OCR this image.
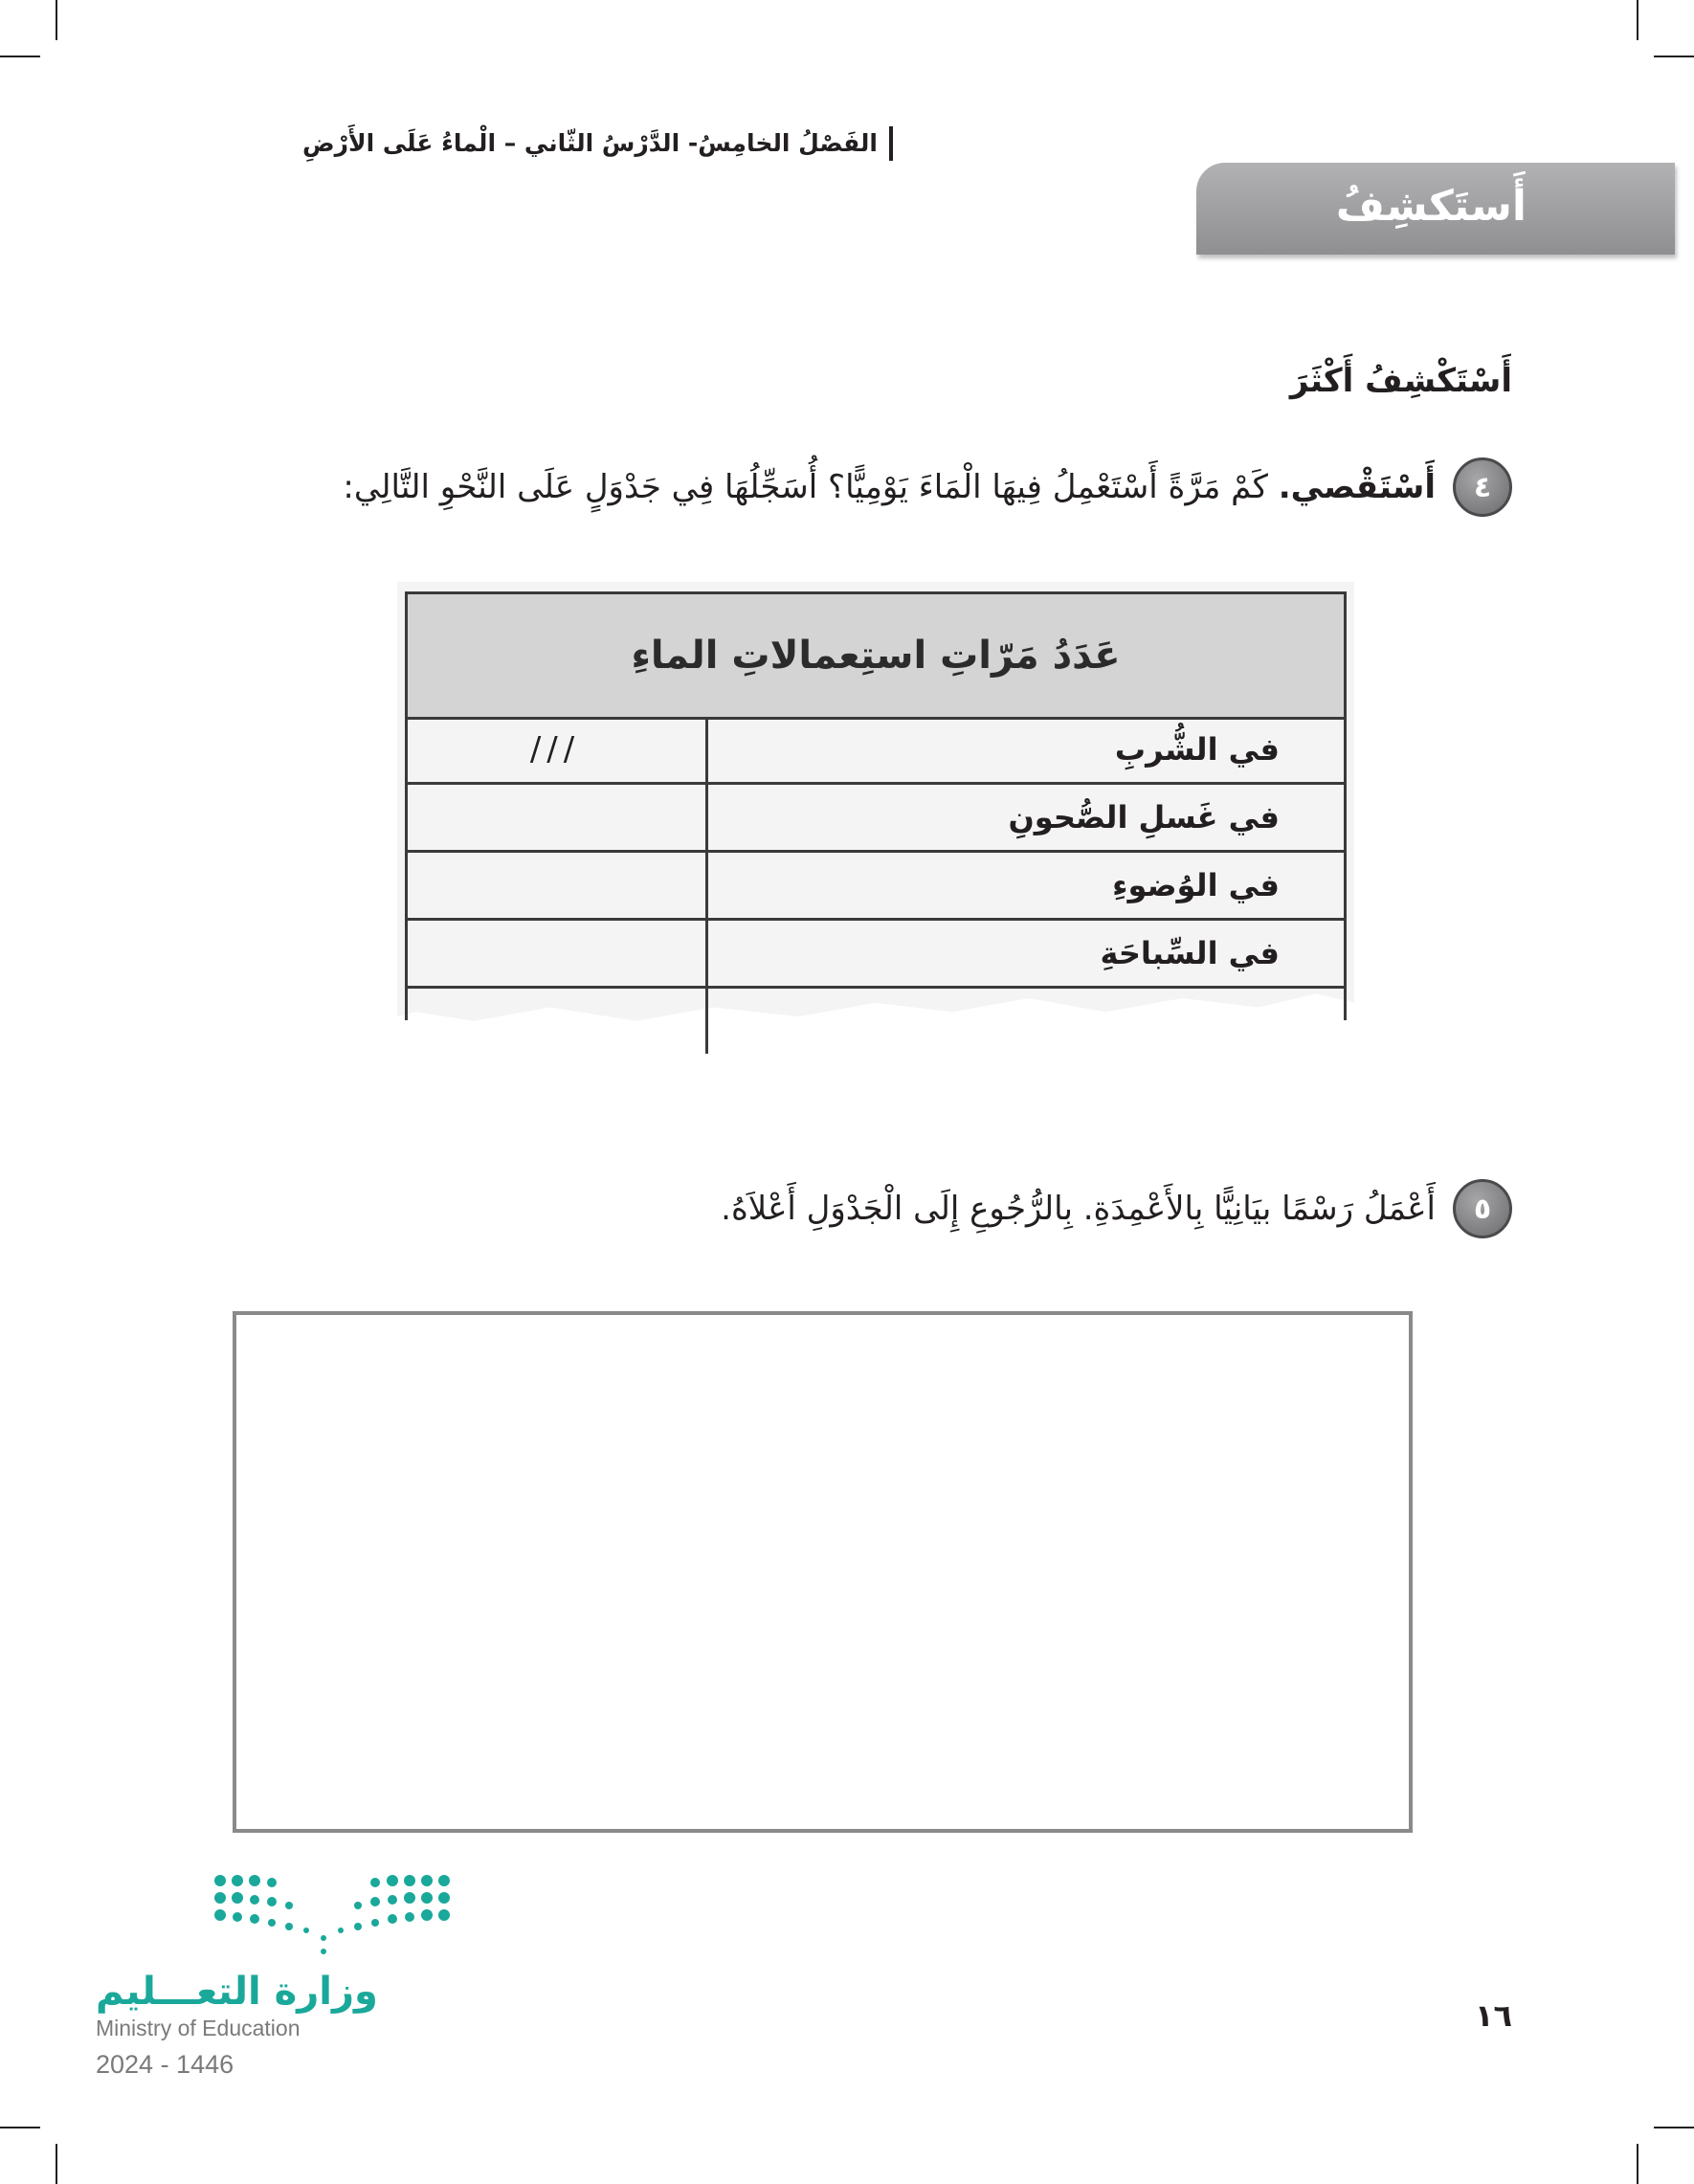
الفَصْلُ الخامِسُ- الدَّرْسُ الثّاني – الْماءُ عَلَى الأَرْضِ
أَستَكشِفُ
أَسْتَكْشِفُ أَكْثَرَ
٤
أَسْتَقْصي. كَمْ مَرَّةً أَسْتَعْمِلُ فِيهَا الْمَاءَ يَوْمِيًّا؟ أُسَجِّلُهَا فِي جَدْوَلٍ عَلَى النَّحْوِ التَّالِي:
عَدَدُ مَرّاتِ استِعمالاتِ الماءِ
في الشُّربِ
///
في غَسلِ الصُّحونِ
في الوُضوءِ
في السِّباحَةِ
٥
أَعْمَلُ رَسْمًا بيَانِيًّا بِالأَعْمِدَةِ. بِالرُّجُوعِ إِلَى الْجَدْوَلِ أَعْلاَهُ.
وزارة التعـــليم
Ministry of Education
2024 - 1446
١٦
